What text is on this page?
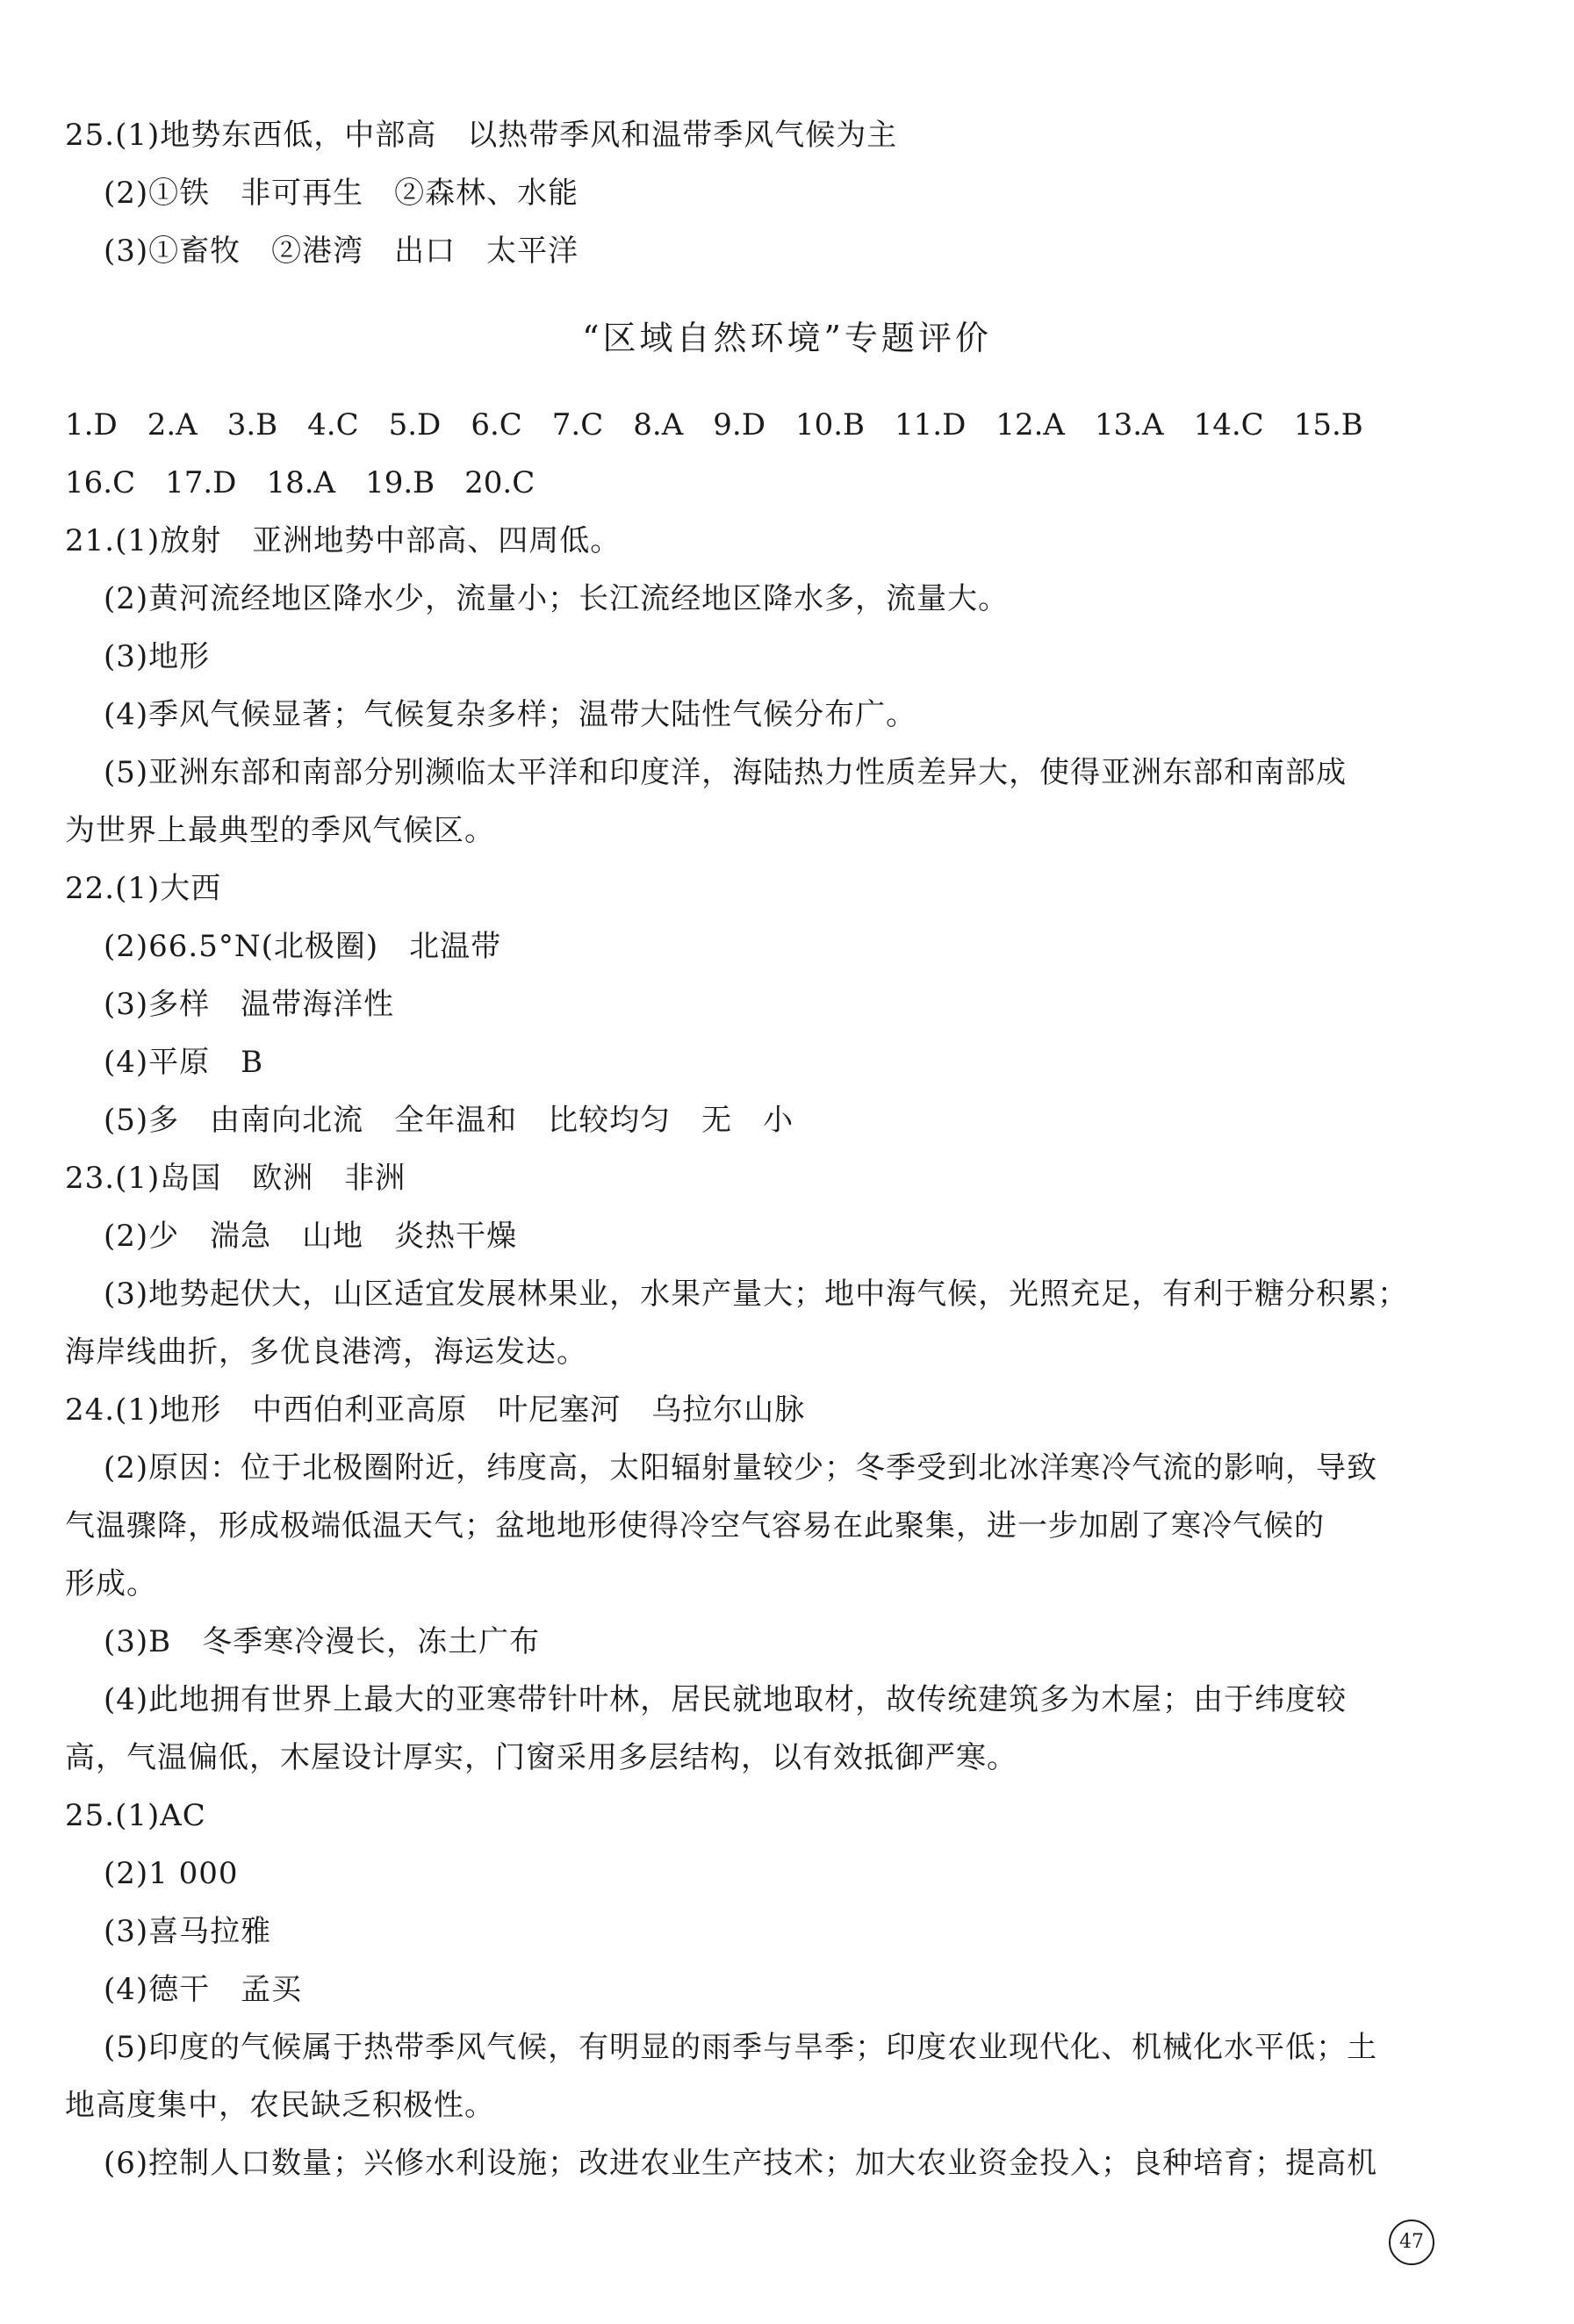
25.(1)地势东西低，中部高　以热带季风和温带季风气候为主
(2)①铁　非可再生　②森林、水能
(3)①畜牧　②港湾　出口　太平洋
“区域自然环境”专题评价
1.D 2.A 3.B 4.C 5.D 6.C 7.C 8.A 9.D 10.B 11.D 12.A 13.A 14.C 15.B
16.C 17.D 18.A 19.B 20.C
21.(1)放射　亚洲地势中部高、四周低。
(2)黄河流经地区降水少，流量小；长江流经地区降水多，流量大。
(3)地形
(4)季风气候显著；气候复杂多样；温带大陆性气候分布广。
(5)亚洲东部和南部分别濒临太平洋和印度洋，海陆热力性质差异大，使得亚洲东部和南部成
为世界上最典型的季风气候区。
22.(1)大西
(2)66.5°N(北极圈)　北温带
(3)多样　温带海洋性
(4)平原　B
(5)多　由南向北流　全年温和　比较均匀　无　小
23.(1)岛国　欧洲　非洲
(2)少　湍急　山地　炎热干燥
(3)地势起伏大，山区适宜发展林果业，水果产量大；地中海气候，光照充足，有利于糖分积累；
海岸线曲折，多优良港湾，海运发达。
24.(1)地形　中西伯利亚高原　叶尼塞河　乌拉尔山脉
(2)原因：位于北极圈附近，纬度高，太阳辐射量较少；冬季受到北冰洋寒冷气流的影响，导致
气温骤降，形成极端低温天气；盆地地形使得冷空气容易在此聚集，进一步加剧了寒冷气候的
形成。
(3)B　冬季寒冷漫长，冻土广布
(4)此地拥有世界上最大的亚寒带针叶林，居民就地取材，故传统建筑多为木屋；由于纬度较
高，气温偏低，木屋设计厚实，门窗采用多层结构，以有效抵御严寒。
25.(1)AC
(2)1 000
(3)喜马拉雅
(4)德干　孟买
(5)印度的气候属于热带季风气候，有明显的雨季与旱季；印度农业现代化、机械化水平低；土
地高度集中，农民缺乏积极性。
(6)控制人口数量；兴修水利设施；改进农业生产技术；加大农业资金投入；良种培育；提高机
47
